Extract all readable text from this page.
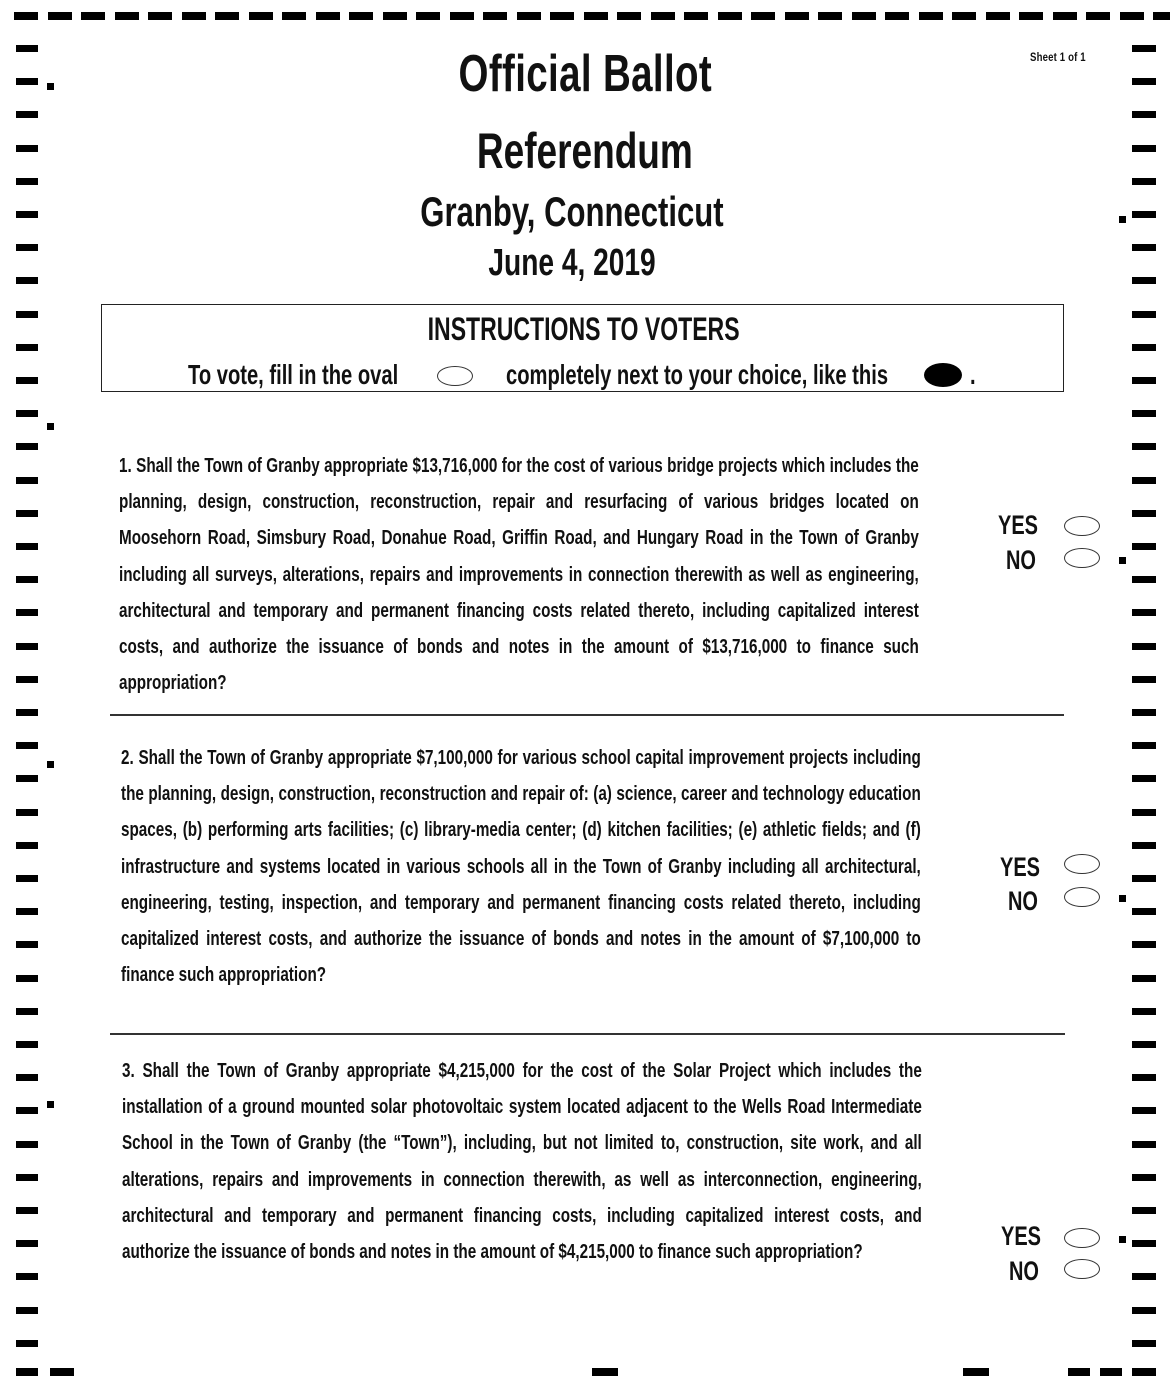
Sheet 1 of 1
Official Ballot
Referendum
Granby, Connecticut
June 4, 2019
INSTRUCTIONS TO VOTERS
To vote, fill in the oval	completely next to your choice, like this	.
1. Shall the Town of Granby appropriate $13,716,000 for the cost of various bridge projects which includes the planning, design, construction, reconstruction, repair and resurfacing of various bridges located on Moosehorn Road, Simsbury Road, Donahue Road, Griffin Road, and Hungary Road in the Town of Granby including all surveys, alterations, repairs and improvements in connection therewith as well as engineering, architectural and temporary and permanent financing costs related thereto, including capitalized interest costs, and authorize the issuance of bonds and notes in the amount of $13,716,000 to finance such appropriation?
YES
NO
2. Shall the Town of Granby appropriate $7,100,000 for various school capital improvement projects including the planning, design, construction, reconstruction and repair of: (a) science, career and technology education spaces, (b) performing arts facilities; (c) library-media center; (d) kitchen facilities; (e) athletic fields; and (f) infrastructure and systems located in various schools all in the Town of Granby including all architectural, engineering, testing, inspection, and temporary and permanent financing costs related thereto, including capitalized interest costs, and authorize the issuance of bonds and notes in the amount of $7,100,000 to finance such appropriation?
YES
NO
3. Shall the Town of Granby appropriate $4,215,000 for the cost of the Solar Project which includes the installation of a ground mounted solar photovoltaic system located adjacent to the Wells Road Intermediate School in the Town of Granby (the “Town”), including, but not limited to, construction, site work, and all alterations, repairs and improvements in connection therewith, as well as interconnection, engineering, architectural and temporary and permanent financing costs, including capitalized interest costs, and authorize the issuance of bonds and notes in the amount of $4,215,000 to finance such appropriation?
YES
NO
